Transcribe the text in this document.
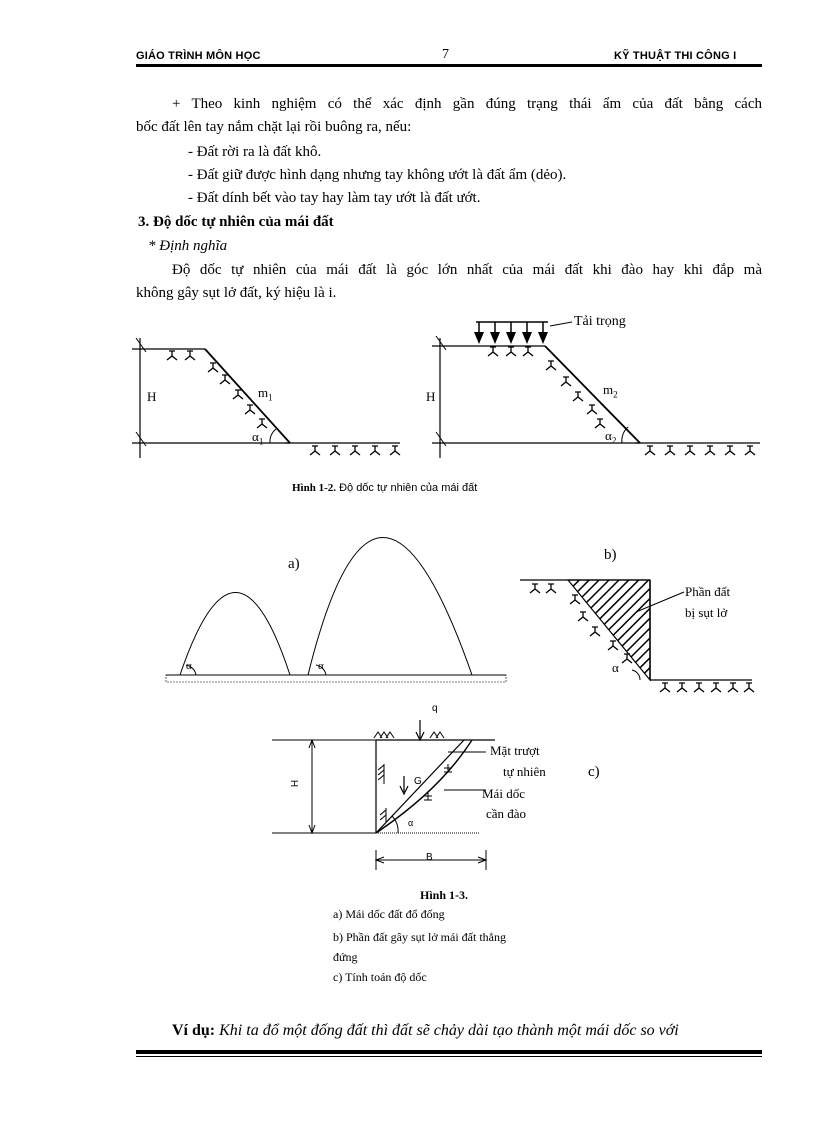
GIÁO TRÌNH MÔN HỌC	7	KỸ THUẬT THI CÔNG I
+ Theo kinh nghiệm có thể xác định gần đúng trạng thái ẩm của đất bằng cách
bốc đất lên tay nắm chặt lại rồi buông ra, nếu:
- Đất rời ra là đất khô.
- Đất giữ được hình dạng nhưng tay không ướt là đất ẩm (dẻo).
- Đất dính bết vào tay hay làm tay ướt là đất ướt.
3. Độ dốc tự nhiên của mái đất
* Định nghĩa
Độ dốc tự nhiên của mái đất là góc lớn nhất của mái đất khi đào hay khi đắp mà
không gây sụt lở đất, ký hiệu là i.
H	$m_1$
$\alpha_1$
Tải trọng
H	$m_2$
$\alpha_2$
Hình 1-2. Độ dốc tự nhiên của mái đất
a)
α	α
b)
Phần đất
bị sụt lở
α
q
H	G
α
B
Mặt trượt
tự nhiên
Mái dốc
cần đào
c)
Hình 1-3.
a) Mái dốc đất đổ đống
b) Phần đất gây sụt lở mái đất thẳng
đứng
c) Tính toán độ dốc
Ví dụ: Khi ta đổ một đống đất thì đất sẽ chảy dài tạo thành một mái dốc so với
